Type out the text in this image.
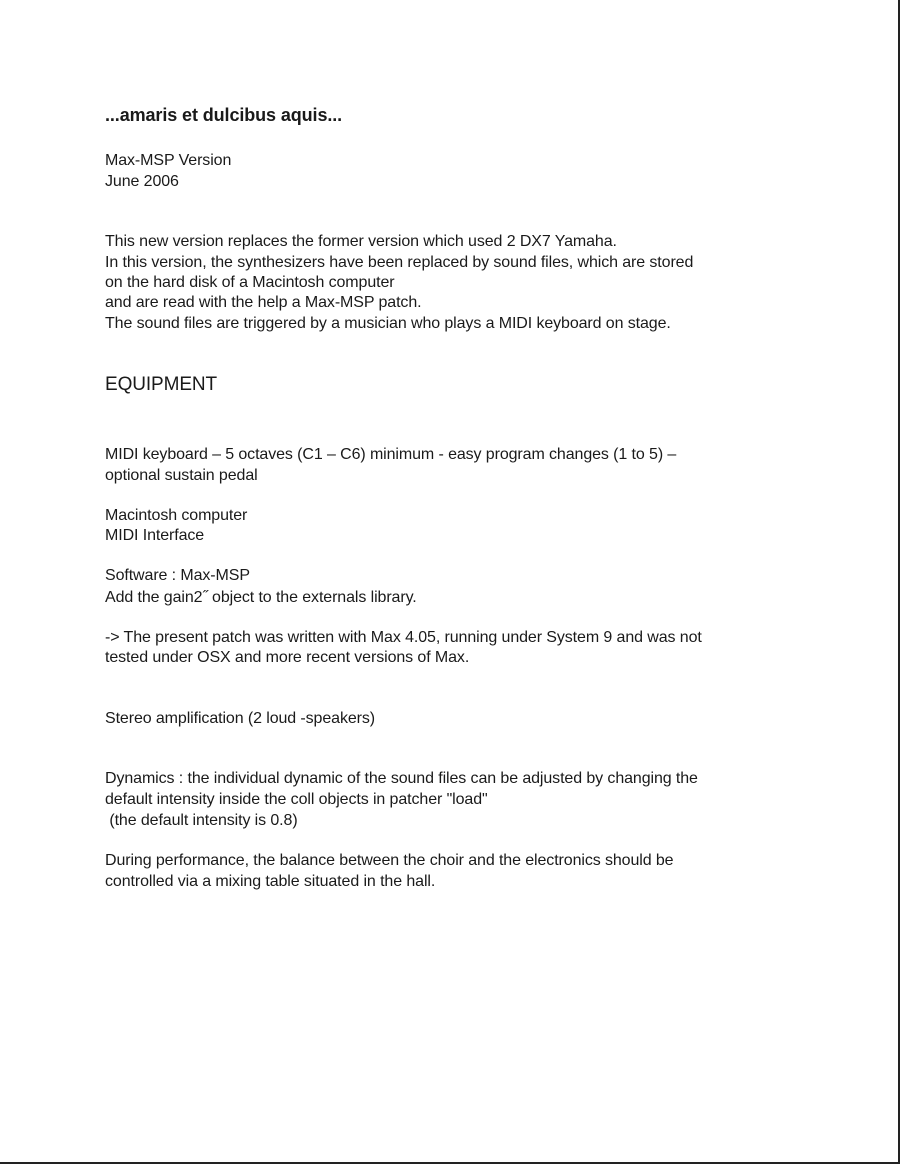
...amaris et dulcibus aquis...
Max-MSP Version
June 2006
This new version replaces the former version which used 2 DX7 Yamaha.
In this version, the synthesizers have been replaced by sound files, which are stored
on the hard disk of a Macintosh computer
and are read with the help a Max-MSP patch.
The sound files are triggered by a musician who plays a MIDI keyboard on stage.
EQUIPMENT
MIDI keyboard – 5 octaves (C1 – C6) minimum - easy program changes (1 to 5) –
optional sustain pedal
Macintosh computer
MIDI Interface
Software : Max-MSP
Add the gain2˝ object to the externals library.
-> The present patch was written with Max 4.05, running under System 9 and was not
tested under OSX and more recent versions of Max.
Stereo amplification (2 loud -speakers)
Dynamics : the individual dynamic of the sound files can be adjusted by changing the
default intensity inside the coll objects in patcher "load"
(the default intensity is 0.8)
During performance, the balance between the choir and the electronics should be
controlled via a mixing table situated in the hall.
